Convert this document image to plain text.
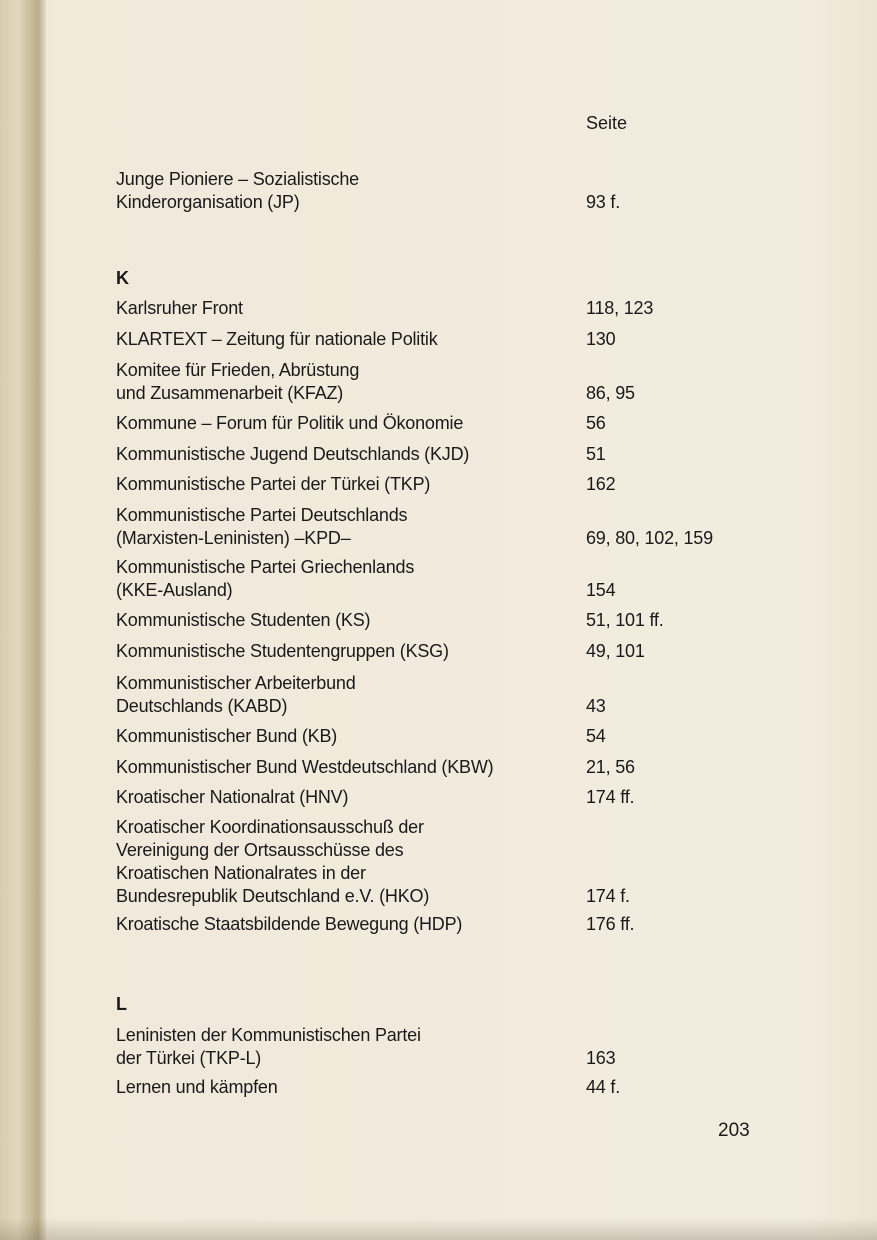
Seite
Junge Pioniere – Sozialistische
Kinderorganisation (JP)	93 f.
K
Karlsruher Front	118, 123
KLARTEXT – Zeitung für nationale Politik	130
Komitee für Frieden, Abrüstung
und Zusammenarbeit (KFAZ)	86, 95
Kommune – Forum für Politik und Ökonomie	56
Kommunistische Jugend Deutschlands (KJD)	51
Kommunistische Partei der Türkei (TKP)	162
Kommunistische Partei Deutschlands
(Marxisten-Leninisten) –KPD–	69, 80, 102, 159
Kommunistische Partei Griechenlands
(KKE-Ausland)	154
Kommunistische Studenten (KS)	51, 101 ff.
Kommunistische Studentengruppen (KSG)	49, 101
Kommunistischer Arbeiterbund
Deutschlands (KABD)	43
Kommunistischer Bund (KB)	54
Kommunistischer Bund Westdeutschland (KBW)	21, 56
Kroatischer Nationalrat (HNV)	174 ff.
Kroatischer Koordinationsausschuß der
Vereinigung der Ortsausschüsse des
Kroatischen Nationalrates in der
Bundesrepublik Deutschland e.V. (HKO)	174 f.
Kroatische Staatsbildende Bewegung (HDP)	176 ff.
L
Leninisten der Kommunistischen Partei
der Türkei (TKP-L)	163
Lernen und kämpfen	44 f.
203
